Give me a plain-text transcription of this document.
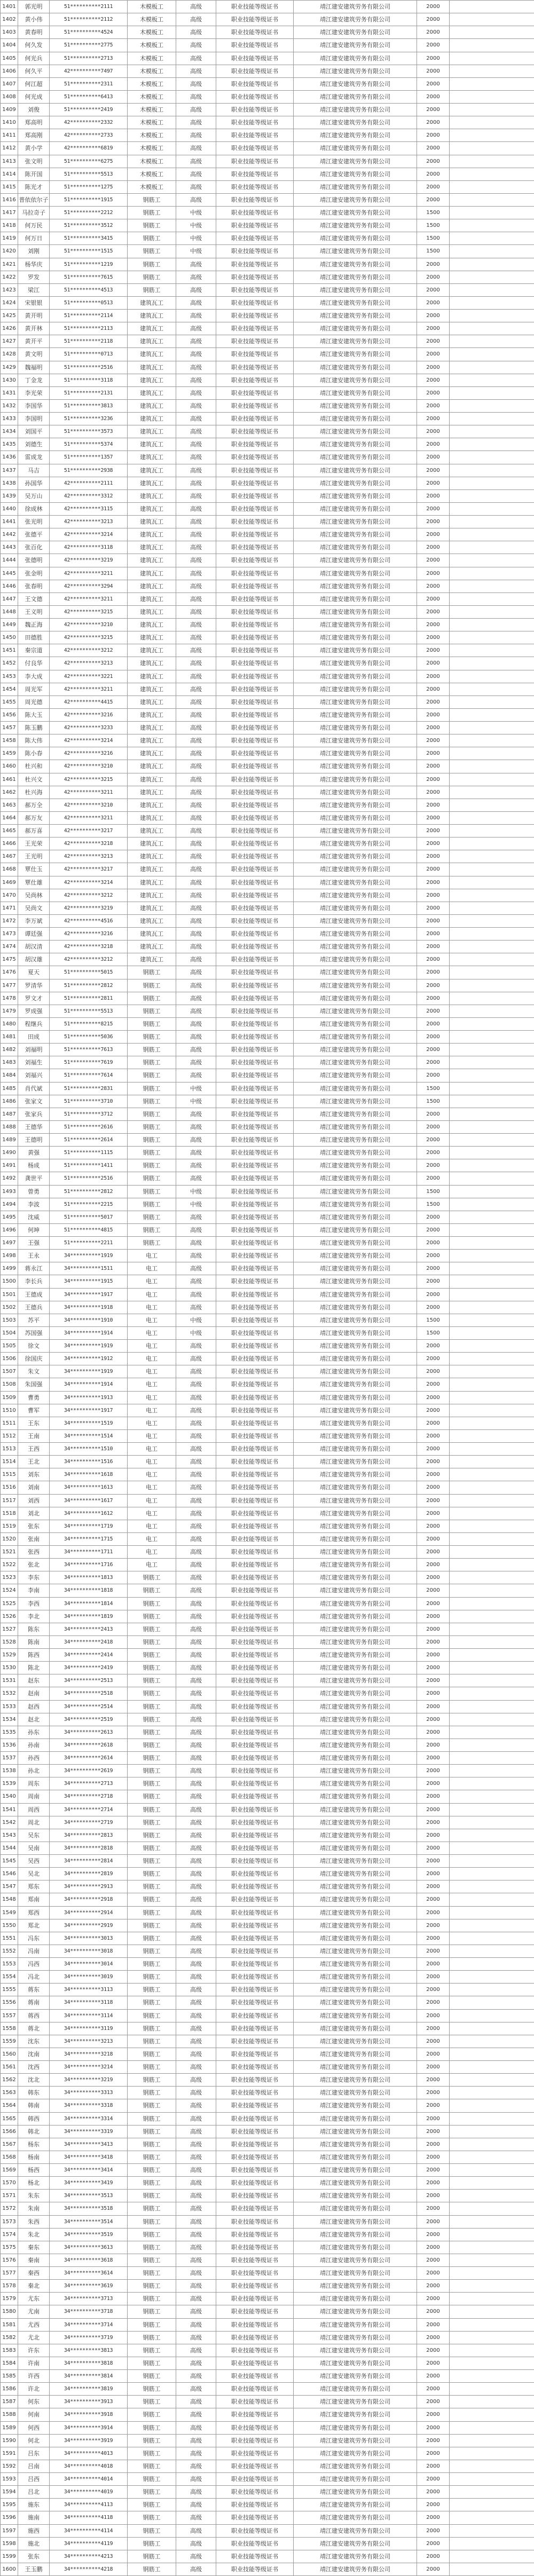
1401	郭光明	51**********2111	木模板工	高级	职业技能等级证书	靖江建安建筑劳务有限公司	2000	
1402	黄小伟	51**********2112	木模板工	高级	职业技能等级证书	靖江建安建筑劳务有限公司	2000	
1403	黄春明	51**********4524	木模板工	高级	职业技能等级证书	靖江建安建筑劳务有限公司	2000	
1404	何久发	51**********2775	木模板工	高级	职业技能等级证书	靖江建安建筑劳务有限公司	2000	
1405	何光兵	51**********2713	木模板工	高级	职业技能等级证书	靖江建安建筑劳务有限公司	2000	
1406	何久平	42**********7497	木模板工	高级	职业技能等级证书	靖江建安建筑劳务有限公司	2000	
1407	何江超	51**********2311	木模板工	高级	职业技能等级证书	靖江建安建筑劳务有限公司	2000	
1408	何光成	51**********6413	木模板工	高级	职业技能等级证书	靖江建安建筑劳务有限公司	2000	
1409	刘俊	51**********2419	木模板工	高级	职业技能等级证书	靖江建安建筑劳务有限公司	2000	
1410	郑高明	42**********2332	木模板工	高级	职业技能等级证书	靖江建安建筑劳务有限公司	2000	
1411	郑高刚	42**********2733	木模板工	高级	职业技能等级证书	靖江建安建筑劳务有限公司	2000	
1412	黄小学	42**********6819	木模板工	高级	职业技能等级证书	靖江建安建筑劳务有限公司	2000	
1413	张文明	51**********6275	木模板工	高级	职业技能等级证书	靖江建安建筑劳务有限公司	2000	
1414	陈开国	51**********5513	木模板工	高级	职业技能等级证书	靖江建安建筑劳务有限公司	2000	
1415	陈光才	51**********1275	木模板工	高级	职业技能等级证书	靖江建安建筑劳务有限公司	2000	
1416	普依依尔子	51**********1915	钢筋工	高级	职业技能等级证书	靖江建安建筑劳务有限公司	2000	
1417	马拉奇子	51**********2212	钢筋工	中级	职业技能等级证书	靖江建安建筑劳务有限公司	1500	
1418	何万民	51**********3512	钢筋工	中级	职业技能等级证书	靖江建安建筑劳务有限公司	1500	
1419	何万日	51**********3415	钢筋工	中级	职业技能等级证书	靖江建安建筑劳务有限公司	1500	
1420	刘刚	51**********1515	钢筋工	中级	职业技能等级证书	靖江建安建筑劳务有限公司	1500	
1421	杨华庆	51**********1219	钢筋工	高级	职业技能等级证书	靖江建安建筑劳务有限公司	2000	
1422	罗发	51**********7615	钢筋工	高级	职业技能等级证书	靖江建安建筑劳务有限公司	2000	
1423	梁江	51**********4513	钢筋工	高级	职业技能等级证书	靖江建安建筑劳务有限公司	2000	
1424	宋银银	51**********0513	建筑瓦工	高级	职业技能等级证书	靖江建安建筑劳务有限公司	2000	
1425	黄开明	51**********2114	建筑瓦工	高级	职业技能等级证书	靖江建安建筑劳务有限公司	2000	
1426	黄开林	51**********2113	建筑瓦工	高级	职业技能等级证书	靖江建安建筑劳务有限公司	2000	
1427	黄开平	51**********2118	建筑瓦工	高级	职业技能等级证书	靖江建安建筑劳务有限公司	2000	
1428	黄文明	51**********0713	建筑瓦工	高级	职业技能等级证书	靖江建安建筑劳务有限公司	2000	
1429	魏福明	51**********2516	建筑瓦工	高级	职业技能等级证书	靖江建安建筑劳务有限公司	2000	
1430	丁金龙	51**********3118	建筑瓦工	高级	职业技能等级证书	靖江建安建筑劳务有限公司	2000	
1431	李光荣	51**********2131	建筑瓦工	高级	职业技能等级证书	靖江建安建筑劳务有限公司	2000	
1432	李国华	51**********3813	建筑瓦工	高级	职业技能等级证书	靖江建安建筑劳务有限公司	2000	
1433	李国明	51**********3236	建筑瓦工	高级	职业技能等级证书	靖江建安建筑劳务有限公司	2000	
1434	刘国平	51**********3573	建筑瓦工	高级	职业技能等级证书	靖江建安建筑劳务有限公司	2000	
1435	刘德生	51**********5374	建筑瓦工	高级	职业技能等级证书	靖江建安建筑劳务有限公司	2000	
1436	雷成龙	51**********1357	建筑瓦工	高级	职业技能等级证书	靖江建安建筑劳务有限公司	2000	
1437	马吉	51**********2938	建筑瓦工	高级	职业技能等级证书	靖江建安建筑劳务有限公司	2000	
1438	孙国华	42**********2111	建筑瓦工	高级	职业技能等级证书	靖江建安建筑劳务有限公司	2000	
1439	吴万山	42**********3312	建筑瓦工	高级	职业技能等级证书	靖江建安建筑劳务有限公司	2000	
1440	徐成林	42**********3115	建筑瓦工	高级	职业技能等级证书	靖江建安建筑劳务有限公司	2000	
1441	张光明	42**********3213	建筑瓦工	高级	职业技能等级证书	靖江建安建筑劳务有限公司	2000	
1442	张德平	42**********3214	建筑瓦工	高级	职业技能等级证书	靖江建安建筑劳务有限公司	2000	
1443	张百化	42**********3118	建筑瓦工	高级	职业技能等级证书	靖江建安建筑劳务有限公司	2000	
1444	张德明	42**********3219	建筑瓦工	高级	职业技能等级证书	靖江建安建筑劳务有限公司	2000	
1445	张金明	42**********3211	建筑瓦工	高级	职业技能等级证书	靖江建安建筑劳务有限公司	2000	
1446	张春明	42**********3294	建筑瓦工	高级	职业技能等级证书	靖江建安建筑劳务有限公司	2000	
1447	王文德	42**********3211	建筑瓦工	高级	职业技能等级证书	靖江建安建筑劳务有限公司	2000	
1448	王义明	42**********3215	建筑瓦工	高级	职业技能等级证书	靖江建安建筑劳务有限公司	2000	
1449	魏正海	42**********3210	建筑瓦工	高级	职业技能等级证书	靖江建安建筑劳务有限公司	2000	
1450	田德胜	42**********3215	建筑瓦工	高级	职业技能等级证书	靖江建安建筑劳务有限公司	2000	
1451	秦宗道	42**********3212	建筑瓦工	高级	职业技能等级证书	靖江建安建筑劳务有限公司	2000	
1452	付良华	42**********3213	建筑瓦工	高级	职业技能等级证书	靖江建安建筑劳务有限公司	2000	
1453	李大成	42**********3221	建筑瓦工	高级	职业技能等级证书	靖江建安建筑劳务有限公司	2000	
1454	周光军	42**********3211	建筑瓦工	高级	职业技能等级证书	靖江建安建筑劳务有限公司	2000	
1455	周光德	42**********4415	建筑瓦工	高级	职业技能等级证书	靖江建安建筑劳务有限公司	2000	
1456	陈大玉	42**********3216	建筑瓦工	高级	职业技能等级证书	靖江建安建筑劳务有限公司	2000	
1457	陈玉鹏	42**********3233	建筑瓦工	高级	职业技能等级证书	靖江建安建筑劳务有限公司	2000	
1458	陈大伟	42**********3214	建筑瓦工	高级	职业技能等级证书	靖江建安建筑劳务有限公司	2000	
1459	陈小春	42**********3216	建筑瓦工	高级	职业技能等级证书	靖江建安建筑劳务有限公司	2000	
1460	杜兴和	42**********3210	建筑瓦工	高级	职业技能等级证书	靖江建安建筑劳务有限公司	2000	
1461	杜兴文	42**********3215	建筑瓦工	高级	职业技能等级证书	靖江建安建筑劳务有限公司	2000	
1462	杜兴海	42**********3211	建筑瓦工	高级	职业技能等级证书	靖江建安建筑劳务有限公司	2000	
1463	郝万全	42**********3210	建筑瓦工	高级	职业技能等级证书	靖江建安建筑劳务有限公司	2000	
1464	郝万友	42**********3211	建筑瓦工	高级	职业技能等级证书	靖江建安建筑劳务有限公司	2000	
1465	郝万喜	42**********3217	建筑瓦工	高级	职业技能等级证书	靖江建安建筑劳务有限公司	2000	
1466	王光荣	42**********3218	建筑瓦工	高级	职业技能等级证书	靖江建安建筑劳务有限公司	2000	
1467	王光明	42**********3213	建筑瓦工	高级	职业技能等级证书	靖江建安建筑劳务有限公司	2000	
1468	覃仕玉	42**********3217	建筑瓦工	高级	职业技能等级证书	靖江建安建筑劳务有限公司	2000	
1469	覃仕雄	42**********3214	建筑瓦工	高级	职业技能等级证书	靖江建安建筑劳务有限公司	2000	
1470	吴尚林	42**********3212	建筑瓦工	高级	职业技能等级证书	靖江建安建筑劳务有限公司	2000	
1471	吴尚文	42**********3219	建筑瓦工	高级	职业技能等级证书	靖江建安建筑劳务有限公司	2000	
1472	李万斌	42**********4516	建筑瓦工	高级	职业技能等级证书	靖江建安建筑劳务有限公司	2000	
1473	谭廷强	42**********3216	建筑瓦工	高级	职业技能等级证书	靖江建安建筑劳务有限公司	2000	
1474	胡汉清	42**********3218	建筑瓦工	高级	职业技能等级证书	靖江建安建筑劳务有限公司	2000	
1475	胡汉雄	42**********3212	建筑瓦工	高级	职业技能等级证书	靖江建安建筑劳务有限公司	2000	
1476	夏天	51**********5015	钢筋工	高级	职业技能等级证书	靖江建安建筑劳务有限公司	2000	
1477	罗清华	51**********2812	钢筋工	高级	职业技能等级证书	靖江建安建筑劳务有限公司	2000	
1478	罗文才	51**********2811	钢筋工	高级	职业技能等级证书	靖江建安建筑劳务有限公司	2000	
1479	罗成强	51**********5513	钢筋工	高级	职业技能等级证书	靖江建安建筑劳务有限公司	2000	
1480	程继兵	51**********8215	钢筋工	高级	职业技能等级证书	靖江建安建筑劳务有限公司	2000	
1481	田成	51**********5036	钢筋工	高级	职业技能等级证书	靖江建安建筑劳务有限公司	2000	
1482	刘福明	51**********7613	钢筋工	高级	职业技能等级证书	靖江建安建筑劳务有限公司	2000	
1483	刘福生	51**********7619	钢筋工	高级	职业技能等级证书	靖江建安建筑劳务有限公司	2000	
1484	刘福兴	51**********7614	钢筋工	高级	职业技能等级证书	靖江建安建筑劳务有限公司	2000	
1485	肖代斌	51**********2831	钢筋工	中级	职业技能等级证书	靖江建安建筑劳务有限公司	1500	
1486	张家文	51**********3710	钢筋工	中级	职业技能等级证书	靖江建安建筑劳务有限公司	1500	
1487	张家兵	51**********3712	钢筋工	高级	职业技能等级证书	靖江建安建筑劳务有限公司	2000	
1488	王德华	51**********2616	钢筋工	高级	职业技能等级证书	靖江建安建筑劳务有限公司	2000	
1489	王德明	51**********2614	钢筋工	高级	职业技能等级证书	靖江建安建筑劳务有限公司	2000	
1490	黄强	51**********1115	钢筋工	高级	职业技能等级证书	靖江建安建筑劳务有限公司	2000	
1491	杨成	51**********1411	钢筋工	高级	职业技能等级证书	靖江建安建筑劳务有限公司	2000	
1492	龚世平	51**********2516	钢筋工	高级	职业技能等级证书	靖江建安建筑劳务有限公司	2000	
1493	曾勇	51**********2812	钢筋工	中级	职业技能等级证书	靖江建安建筑劳务有限公司	1500	
1494	李波	51**********2215	钢筋工	中级	职业技能等级证书	靖江建安建筑劳务有限公司	1500	
1495	沈威	51**********5017	钢筋工	高级	职业技能等级证书	靖江建安建筑劳务有限公司	2000	
1496	何坤	51**********4815	钢筋工	高级	职业技能等级证书	靖江建安建筑劳务有限公司	2000	
1497	王强	51**********2211	钢筋工	高级	职业技能等级证书	靖江建安建筑劳务有限公司	2000	
1498	王永	34**********1919	电工	高级	职业技能等级证书	靖江建安建筑劳务有限公司	2000	
1499	蒋永江	34**********1511	电工	高级	职业技能等级证书	靖江建安建筑劳务有限公司	2000	
1500	李长兵	34**********1915	电工	高级	职业技能等级证书	靖江建安建筑劳务有限公司	2000	
1501	王德成	34**********1917	电工	高级	职业技能等级证书	靖江建安建筑劳务有限公司	2000	
1502	王德兵	34**********1918	电工	高级	职业技能等级证书	靖江建安建筑劳务有限公司	2000	
1503	苏平	34**********1910	电工	中级	职业技能等级证书	靖江建安建筑劳务有限公司	1500	
1504	苏国强	34**********1914	电工	中级	职业技能等级证书	靖江建安建筑劳务有限公司	1500	
1505	徐文	34**********1919	电工	高级	职业技能等级证书	靖江建安建筑劳务有限公司	2000	
1506	徐国庆	34**********1912	电工	高级	职业技能等级证书	靖江建安建筑劳务有限公司	2000	
1507	朱文	34**********1919	电工	高级	职业技能等级证书	靖江建安建筑劳务有限公司	2000	
1508	朱国强	34**********1914	电工	高级	职业技能等级证书	靖江建安建筑劳务有限公司	2000	
1509	曹勇	34**********1913	电工	高级	职业技能等级证书	靖江建安建筑劳务有限公司	2000	
1510	曹军	34**********1917	电工	高级	职业技能等级证书	靖江建安建筑劳务有限公司	2000	
1511	王东	34**********1519	电工	高级	职业技能等级证书	靖江建安建筑劳务有限公司	2000	
1512	王南	34**********1514	电工	高级	职业技能等级证书	靖江建安建筑劳务有限公司	2000	
1513	王西	34**********1510	电工	高级	职业技能等级证书	靖江建安建筑劳务有限公司	2000	
1514	王北	34**********1516	电工	高级	职业技能等级证书	靖江建安建筑劳务有限公司	2000	
1515	刘东	34**********1618	电工	高级	职业技能等级证书	靖江建安建筑劳务有限公司	2000	
1516	刘南	34**********1613	电工	高级	职业技能等级证书	靖江建安建筑劳务有限公司	2000	
1517	刘西	34**********1617	电工	高级	职业技能等级证书	靖江建安建筑劳务有限公司	2000	
1518	刘北	34**********1612	电工	高级	职业技能等级证书	靖江建安建筑劳务有限公司	2000	
1519	张东	34**********1719	电工	高级	职业技能等级证书	靖江建安建筑劳务有限公司	2000	
1520	张南	34**********1715	电工	高级	职业技能等级证书	靖江建安建筑劳务有限公司	2000	
1521	张西	34**********1711	电工	高级	职业技能等级证书	靖江建安建筑劳务有限公司	2000	
1522	张北	34**********1716	电工	高级	职业技能等级证书	靖江建安建筑劳务有限公司	2000	
1523	李东	34**********1813	钢筋工	高级	职业技能等级证书	靖江建安建筑劳务有限公司	2000	
1524	李南	34**********1818	钢筋工	高级	职业技能等级证书	靖江建安建筑劳务有限公司	2000	
1525	李西	34**********1814	钢筋工	高级	职业技能等级证书	靖江建安建筑劳务有限公司	2000	
1526	李北	34**********1819	钢筋工	高级	职业技能等级证书	靖江建安建筑劳务有限公司	2000	
1527	陈东	34**********2413	钢筋工	高级	职业技能等级证书	靖江建安建筑劳务有限公司	2000	
1528	陈南	34**********2418	钢筋工	高级	职业技能等级证书	靖江建安建筑劳务有限公司	2000	
1529	陈西	34**********2414	钢筋工	高级	职业技能等级证书	靖江建安建筑劳务有限公司	2000	
1530	陈北	34**********2419	钢筋工	高级	职业技能等级证书	靖江建安建筑劳务有限公司	2000	
1531	赵东	34**********2513	钢筋工	高级	职业技能等级证书	靖江建安建筑劳务有限公司	2000	
1532	赵南	34**********2518	钢筋工	高级	职业技能等级证书	靖江建安建筑劳务有限公司	2000	
1533	赵西	34**********2514	钢筋工	高级	职业技能等级证书	靖江建安建筑劳务有限公司	2000	
1534	赵北	34**********2519	钢筋工	高级	职业技能等级证书	靖江建安建筑劳务有限公司	2000	
1535	孙东	34**********2613	钢筋工	高级	职业技能等级证书	靖江建安建筑劳务有限公司	2000	
1536	孙南	34**********2618	钢筋工	高级	职业技能等级证书	靖江建安建筑劳务有限公司	2000	
1537	孙西	34**********2614	钢筋工	高级	职业技能等级证书	靖江建安建筑劳务有限公司	2000	
1538	孙北	34**********2619	钢筋工	高级	职业技能等级证书	靖江建安建筑劳务有限公司	2000	
1539	周东	34**********2713	钢筋工	高级	职业技能等级证书	靖江建安建筑劳务有限公司	2000	
1540	周南	34**********2718	钢筋工	高级	职业技能等级证书	靖江建安建筑劳务有限公司	2000	
1541	周西	34**********2714	钢筋工	高级	职业技能等级证书	靖江建安建筑劳务有限公司	2000	
1542	周北	34**********2719	钢筋工	高级	职业技能等级证书	靖江建安建筑劳务有限公司	2000	
1543	吴东	34**********2813	钢筋工	高级	职业技能等级证书	靖江建安建筑劳务有限公司	2000	
1544	吴南	34**********2818	钢筋工	高级	职业技能等级证书	靖江建安建筑劳务有限公司	2000	
1545	吴西	34**********2814	钢筋工	高级	职业技能等级证书	靖江建安建筑劳务有限公司	2000	
1546	吴北	34**********2819	钢筋工	高级	职业技能等级证书	靖江建安建筑劳务有限公司	2000	
1547	郑东	34**********2913	钢筋工	高级	职业技能等级证书	靖江建安建筑劳务有限公司	2000	
1548	郑南	34**********2918	钢筋工	高级	职业技能等级证书	靖江建安建筑劳务有限公司	2000	
1549	郑西	34**********2914	钢筋工	高级	职业技能等级证书	靖江建安建筑劳务有限公司	2000	
1550	郑北	34**********2919	钢筋工	高级	职业技能等级证书	靖江建安建筑劳务有限公司	2000	
1551	冯东	34**********3013	钢筋工	高级	职业技能等级证书	靖江建安建筑劳务有限公司	2000	
1552	冯南	34**********3018	钢筋工	高级	职业技能等级证书	靖江建安建筑劳务有限公司	2000	
1553	冯西	34**********3014	钢筋工	高级	职业技能等级证书	靖江建安建筑劳务有限公司	2000	
1554	冯北	34**********3019	钢筋工	高级	职业技能等级证书	靖江建安建筑劳务有限公司	2000	
1555	蒋东	34**********3113	钢筋工	高级	职业技能等级证书	靖江建安建筑劳务有限公司	2000	
1556	蒋南	34**********3118	钢筋工	高级	职业技能等级证书	靖江建安建筑劳务有限公司	2000	
1557	蒋西	34**********3114	钢筋工	高级	职业技能等级证书	靖江建安建筑劳务有限公司	2000	
1558	蒋北	34**********3119	钢筋工	高级	职业技能等级证书	靖江建安建筑劳务有限公司	2000	
1559	沈东	34**********3213	钢筋工	高级	职业技能等级证书	靖江建安建筑劳务有限公司	2000	
1560	沈南	34**********3218	钢筋工	高级	职业技能等级证书	靖江建安建筑劳务有限公司	2000	
1561	沈西	34**********3214	钢筋工	高级	职业技能等级证书	靖江建安建筑劳务有限公司	2000	
1562	沈北	34**********3219	钢筋工	高级	职业技能等级证书	靖江建安建筑劳务有限公司	2000	
1563	韩东	34**********3313	钢筋工	高级	职业技能等级证书	靖江建安建筑劳务有限公司	2000	
1564	韩南	34**********3318	钢筋工	高级	职业技能等级证书	靖江建安建筑劳务有限公司	2000	
1565	韩西	34**********3314	钢筋工	高级	职业技能等级证书	靖江建安建筑劳务有限公司	2000	
1566	韩北	34**********3319	钢筋工	高级	职业技能等级证书	靖江建安建筑劳务有限公司	2000	
1567	杨东	34**********3413	钢筋工	高级	职业技能等级证书	靖江建安建筑劳务有限公司	2000	
1568	杨南	34**********3418	钢筋工	高级	职业技能等级证书	靖江建安建筑劳务有限公司	2000	
1569	杨西	34**********3414	钢筋工	高级	职业技能等级证书	靖江建安建筑劳务有限公司	2000	
1570	杨北	34**********3419	钢筋工	高级	职业技能等级证书	靖江建安建筑劳务有限公司	2000	
1571	朱东	34**********3513	钢筋工	高级	职业技能等级证书	靖江建安建筑劳务有限公司	2000	
1572	朱南	34**********3518	钢筋工	高级	职业技能等级证书	靖江建安建筑劳务有限公司	2000	
1573	朱西	34**********3514	钢筋工	高级	职业技能等级证书	靖江建安建筑劳务有限公司	2000	
1574	朱北	34**********3519	钢筋工	高级	职业技能等级证书	靖江建安建筑劳务有限公司	2000	
1575	秦东	34**********3613	钢筋工	高级	职业技能等级证书	靖江建安建筑劳务有限公司	2000	
1576	秦南	34**********3618	钢筋工	高级	职业技能等级证书	靖江建安建筑劳务有限公司	2000	
1577	秦西	34**********3614	钢筋工	高级	职业技能等级证书	靖江建安建筑劳务有限公司	2000	
1578	秦北	34**********3619	钢筋工	高级	职业技能等级证书	靖江建安建筑劳务有限公司	2000	
1579	尤东	34**********3713	钢筋工	高级	职业技能等级证书	靖江建安建筑劳务有限公司	2000	
1580	尤南	34**********3718	钢筋工	高级	职业技能等级证书	靖江建安建筑劳务有限公司	2000	
1581	尤西	34**********3714	钢筋工	高级	职业技能等级证书	靖江建安建筑劳务有限公司	2000	
1582	尤北	34**********3719	钢筋工	高级	职业技能等级证书	靖江建安建筑劳务有限公司	2000	
1583	许东	34**********3813	钢筋工	高级	职业技能等级证书	靖江建安建筑劳务有限公司	2000	
1584	许南	34**********3818	钢筋工	高级	职业技能等级证书	靖江建安建筑劳务有限公司	2000	
1585	许西	34**********3814	钢筋工	高级	职业技能等级证书	靖江建安建筑劳务有限公司	2000	
1586	许北	34**********3819	钢筋工	高级	职业技能等级证书	靖江建安建筑劳务有限公司	2000	
1587	何东	34**********3913	钢筋工	高级	职业技能等级证书	靖江建安建筑劳务有限公司	2000	
1588	何南	34**********3918	钢筋工	高级	职业技能等级证书	靖江建安建筑劳务有限公司	2000	
1589	何西	34**********3914	钢筋工	高级	职业技能等级证书	靖江建安建筑劳务有限公司	2000	
1590	何北	34**********3919	钢筋工	高级	职业技能等级证书	靖江建安建筑劳务有限公司	2000	
1591	吕东	34**********4013	钢筋工	高级	职业技能等级证书	靖江建安建筑劳务有限公司	2000	
1592	吕南	34**********4018	钢筋工	高级	职业技能等级证书	靖江建安建筑劳务有限公司	2000	
1593	吕西	34**********4014	钢筋工	高级	职业技能等级证书	靖江建安建筑劳务有限公司	2000	
1594	吕北	34**********4019	钢筋工	高级	职业技能等级证书	靖江建安建筑劳务有限公司	2000	
1595	施东	34**********4113	钢筋工	高级	职业技能等级证书	靖江建安建筑劳务有限公司	2000	
1596	施南	34**********4118	钢筋工	高级	职业技能等级证书	靖江建安建筑劳务有限公司	2000	
1597	施西	34**********4114	钢筋工	高级	职业技能等级证书	靖江建安建筑劳务有限公司	2000	
1598	施北	34**********4119	钢筋工	高级	职业技能等级证书	靖江建安建筑劳务有限公司	2000	
1599	张东	34**********4213	钢筋工	高级	职业技能等级证书	靖江建安建筑劳务有限公司	2000	
1600	王玉鹏	34**********4218	钢筋工	高级	职业技能等级证书	靖江建安建筑劳务有限公司	2000	
